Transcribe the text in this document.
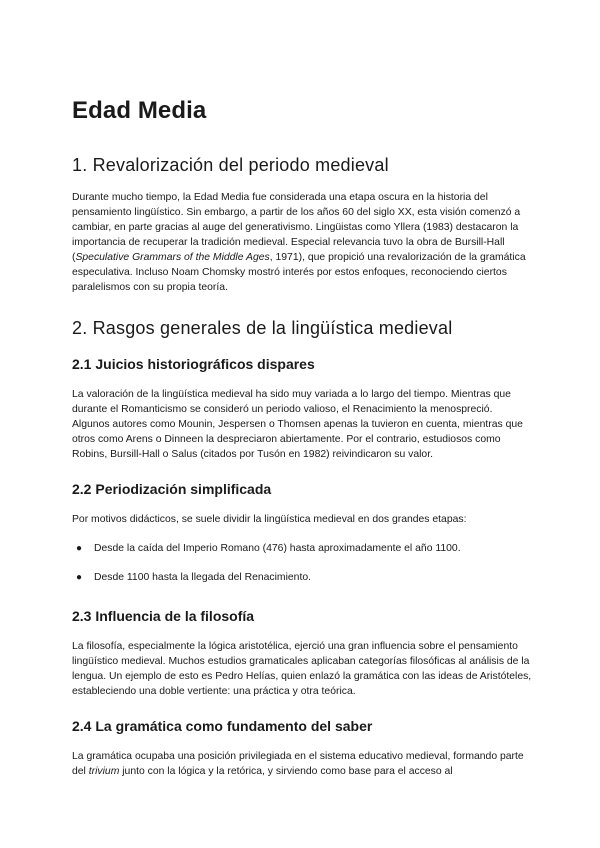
Edad Media
1. Revalorización del periodo medieval

Durante mucho tiempo, la Edad Media fue considerada una etapa oscura en la historia del pensamiento lingüístico. Sin embargo, a partir de los años 60 del siglo XX, esta visión comenzó a cambiar, en parte gracias al auge del generativismo. Lingüistas como Yllera (1983) destacaron la importancia de recuperar la tradición medieval. Especial relevancia tuvo la obra de Bursill-Hall (Speculative Grammars of the Middle Ages, 1971), que propició una revalorización de la gramática especulativa. Incluso Noam Chomsky mostró interés por estos enfoques, reconociendo ciertos paralelismos con su propia teoría.

2. Rasgos generales de la lingüística medieval
2.1 Juicios historiográficos dispares

La valoración de la lingüística medieval ha sido muy variada a lo largo del tiempo. Mientras que durante el Romanticismo se consideró un periodo valioso, el Renacimiento la menospreció. Algunos autores como Mounin, Jespersen o Thomsen apenas la tuvieron en cuenta, mientras que otros como Arens o Dinneen la despreciaron abiertamente. Por el contrario, estudiosos como Robins, Bursill-Hall o Salus (citados por Tusón en 1982) reivindicaron su valor.

2.2 Periodización simplificada

Por motivos didácticos, se suele dividir la lingüística medieval en dos grandes etapas:

● Desde la caída del Imperio Romano (476) hasta aproximadamente el año 1100.
● Desde 1100 hasta la llegada del Renacimiento.
2.3 Influencia de la filosofía

La filosofía, especialmente la lógica aristotélica, ejerció una gran influencia sobre el pensamiento lingüístico medieval. Muchos estudios gramaticales aplicaban categorías filosóficas al análisis de la lengua. Un ejemplo de esto es Pedro Helías, quien enlazó la gramática con las ideas de Aristóteles, estableciendo una doble vertiente: una práctica y otra teórica.

2.4 La gramática como fundamento del saber

La gramática ocupaba una posición privilegiada en el sistema educativo medieval, formando parte del trivium junto con la lógica y la retórica, y sirviendo como base para el acceso al
